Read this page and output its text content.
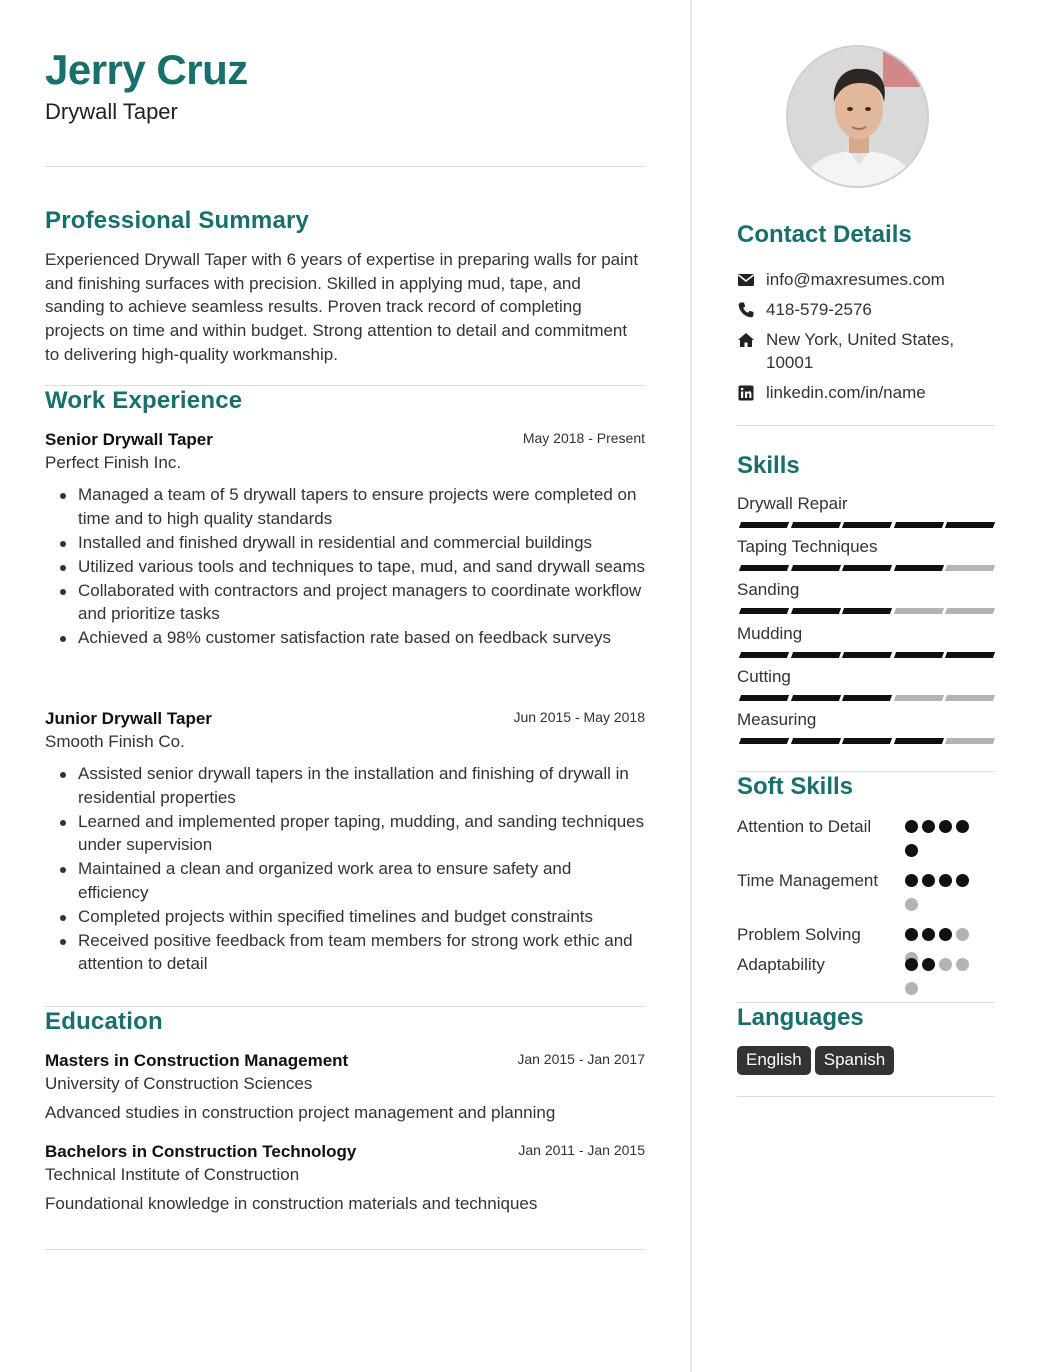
Jerry Cruz
Drywall Taper
Professional Summary
Experienced Drywall Taper with 6 years of expertise in preparing walls for paint and finishing surfaces with precision. Skilled in applying mud, tape, and sanding to achieve seamless results. Proven track record of completing projects on time and within budget. Strong attention to detail and commitment to delivering high-quality workmanship.
Work Experience
Senior Drywall Taper	May 2018 - Present
Perfect Finish Inc.
Managed a team of 5 drywall tapers to ensure projects were completed on time and to high quality standards
Installed and finished drywall in residential and commercial buildings
Utilized various tools and techniques to tape, mud, and sand drywall seams
Collaborated with contractors and project managers to coordinate workflow and prioritize tasks
Achieved a 98% customer satisfaction rate based on feedback surveys
Junior Drywall Taper	Jun 2015 - May 2018
Smooth Finish Co.
Assisted senior drywall tapers in the installation and finishing of drywall in residential properties
Learned and implemented proper taping, mudding, and sanding techniques under supervision
Maintained a clean and organized work area to ensure safety and efficiency
Completed projects within specified timelines and budget constraints
Received positive feedback from team members for strong work ethic and attention to detail
Education
Masters in Construction Management	Jan 2015 - Jan 2017
University of Construction Sciences
Advanced studies in construction project management and planning
Bachelors in Construction Technology	Jan 2011 - Jan 2015
Technical Institute of Construction
Foundational knowledge in construction materials and techniques
Contact Details
info@maxresumes.com
418-579-2576
New York, United States, 10001
linkedin.com/in/name
Skills
Drywall Repair
Taping Techniques
Sanding
Mudding
Cutting
Measuring
Soft Skills
Attention to Detail
Time Management
Problem Solving
Adaptability
Languages
English Spanish
